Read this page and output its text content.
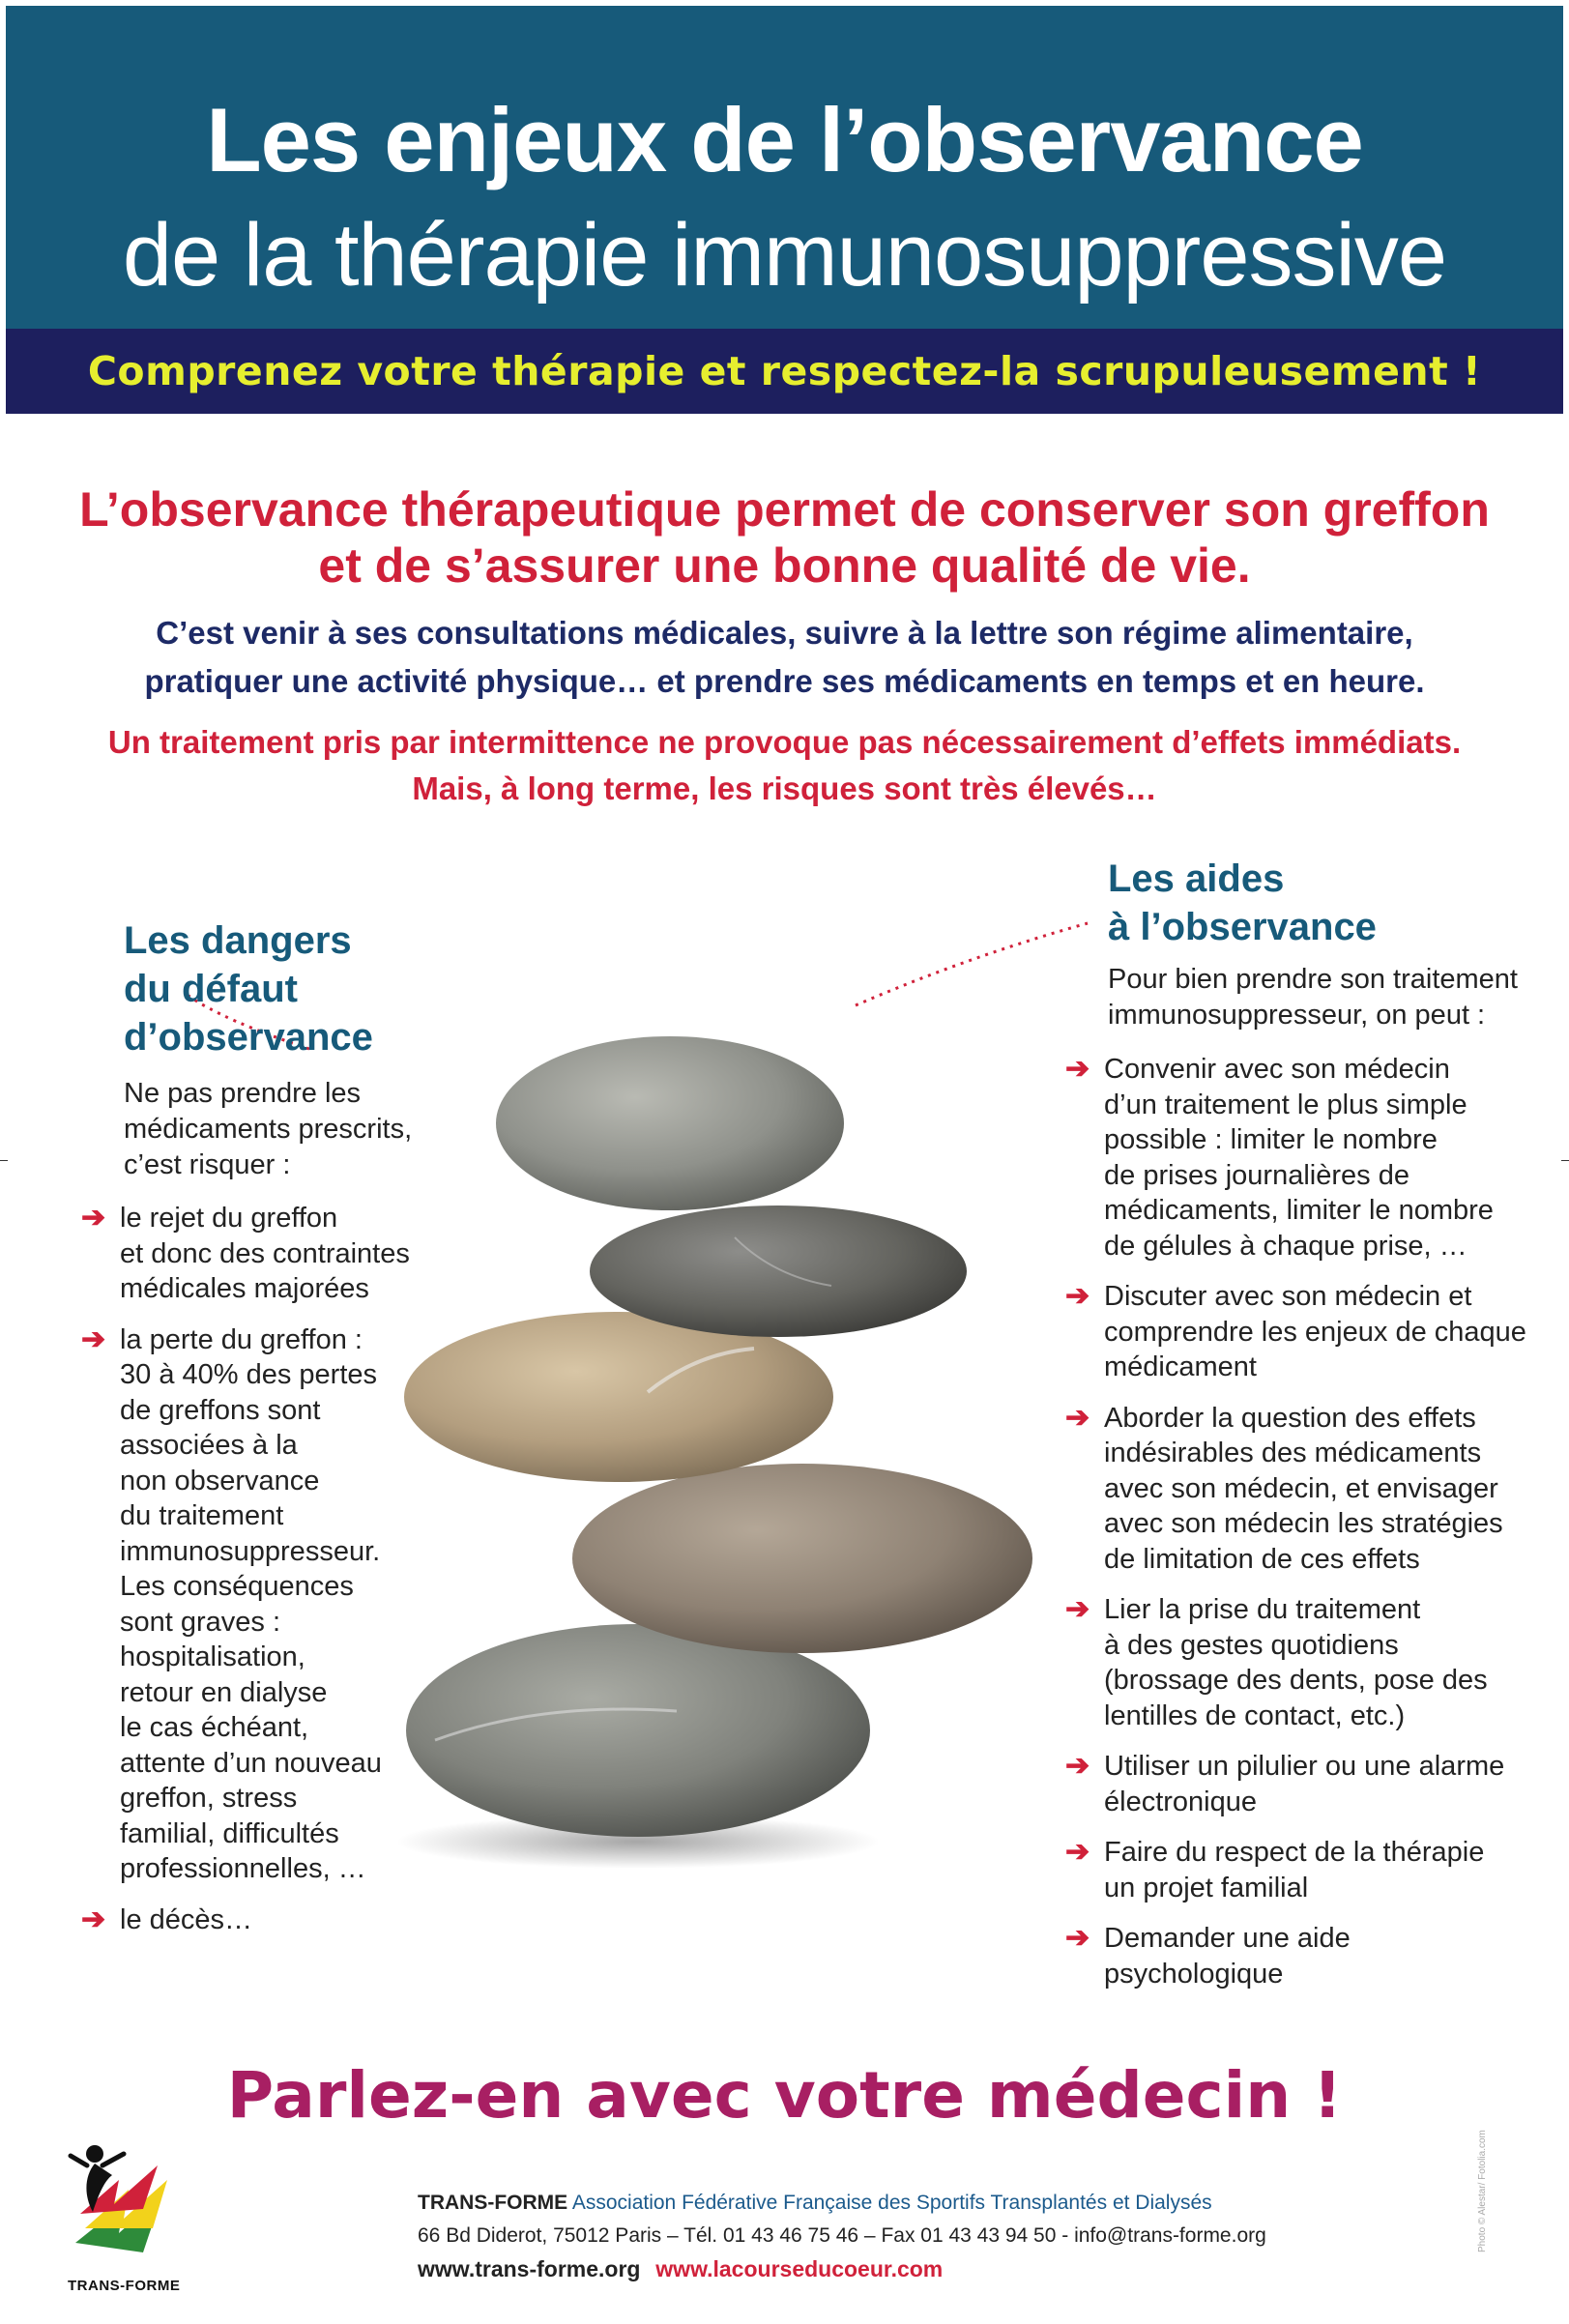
Les enjeux de l’observance
de la thérapie immunosuppressive
Comprenez votre thérapie et respectez-la scrupuleusement !
L’observance thérapeutique permet de conserver son greffon
et de s’assurer une bonne qualité de vie.
C’est venir à ses consultations médicales, suivre à la lettre son régime alimentaire,
pratiquer une activité physique… et prendre ses médicaments en temps et en heure.
Un traitement pris par intermittence ne provoque pas nécessairement d’effets immédiats.
Mais, à long terme, les risques sont très élevés…
Les dangers
du défaut
d’observance
Ne pas prendre les
médicaments prescrits,
c’est risquer :
➔ le rejet du greffon
et donc des contraintes
médicales majorées
➔ la perte du greffon :
30 à 40% des pertes
de greffons sont
associées à la
non observance
du traitement
immunosuppresseur.
Les conséquences
sont graves :
hospitalisation,
retour en dialyse
le cas échéant,
attente d’un nouveau
greffon, stress
familial, difficultés
professionnelles, …
➔ le décès…
Les aides
à l’observance
Pour bien prendre son traitement
immunosuppresseur, on peut :
➔ Convenir avec son médecin
d’un traitement le plus simple
possible : limiter le nombre
de prises journalières de
médicaments, limiter le nombre
de gélules à chaque prise, …
➔ Discuter avec son médecin et
comprendre les enjeux de chaque
médicament
➔ Aborder la question des effets
indésirables des médicaments
avec son médecin, et envisager
avec son médecin les stratégies
de limitation de ces effets
➔ Lier la prise du traitement
à des gestes quotidiens
(brossage des dents, pose des
lentilles de contact, etc.)
➔ Utiliser un pilulier ou une alarme
électronique
➔ Faire du respect de la thérapie
un projet familial
➔ Demander une aide
psychologique
Parlez-en avec votre médecin !
TRANS-FORME
TRANS-FORME Association Fédérative Française des Sportifs Transplantés et Dialysés
66 Bd Diderot, 75012 Paris – Tél. 01 43 46 75 46 – Fax 01 43 43 94 50 - info@trans-forme.org
www.trans-forme.org www.lacourseducoeur.com
Photo © Alestar/ Fotolia.com
